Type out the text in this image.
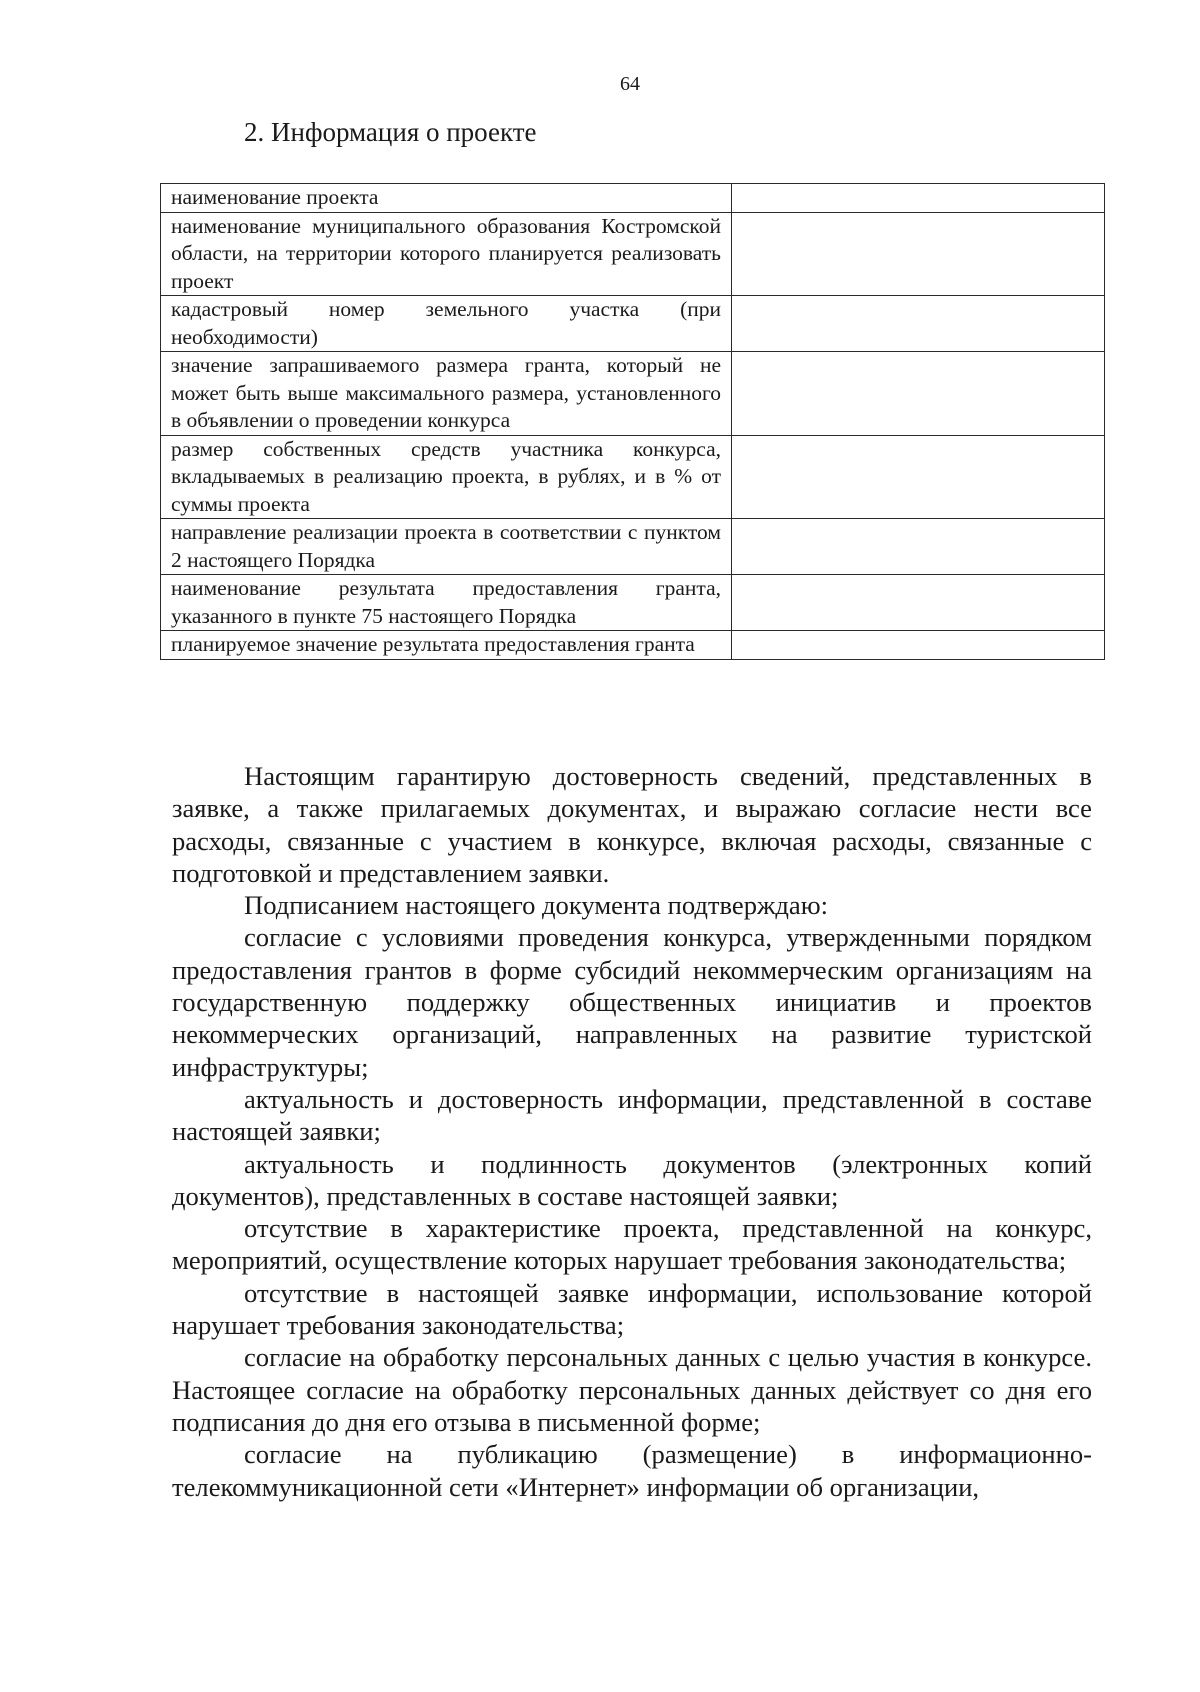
64
2. Информация о проекте
наименование проекта	
наименование муниципального образования Костромской области, на территории которого планируется реализовать проект	
кадастровый номер земельного участка (при необходимости)	
значение запрашиваемого размера гранта, который не может быть выше максимального размера, установленного в объявлении о проведении конкурса	
размер собственных средств участника конкурса, вкладываемых в реализацию проекта, в рублях, и в % от суммы проекта	
направление реализации проекта в соответствии с пунктом 2 настоящего Порядка	
наименование результата предоставления гранта, указанного в пункте 75 настоящего Порядка	
планируемое значение результата предоставления гранта	

Настоящим гарантирую достоверность сведений, представленных в заявке, а также прилагаемых документах, и выражаю согласие нести все расходы, связанные с участием в конкурсе, включая расходы, связанные с подготовкой и представлением заявки.

Подписанием настоящего документа подтверждаю:

согласие с условиями проведения конкурса, утвержденными порядком предоставления грантов в форме субсидий некоммерческим организациям на государственную поддержку общественных инициатив и проектов некоммерческих организаций, направленных на развитие туристской инфраструктуры;

актуальность и достоверность информации, представленной в составе настоящей заявки;

актуальность и подлинность документов (электронных копий документов), представленных в составе настоящей заявки;

отсутствие в характеристике проекта, представленной на конкурс, мероприятий, осуществление которых нарушает требования законодательства;

отсутствие в настоящей заявке информации, использование которой нарушает требования законодательства;

согласие на обработку персональных данных с целью участия в конкурсе. Настоящее согласие на обработку персональных данных действует со дня его подписания до дня его отзыва в письменной форме;

согласие на публикацию (размещение) в информационно-телекоммуникационной сети «Интернет» информации об организации,
